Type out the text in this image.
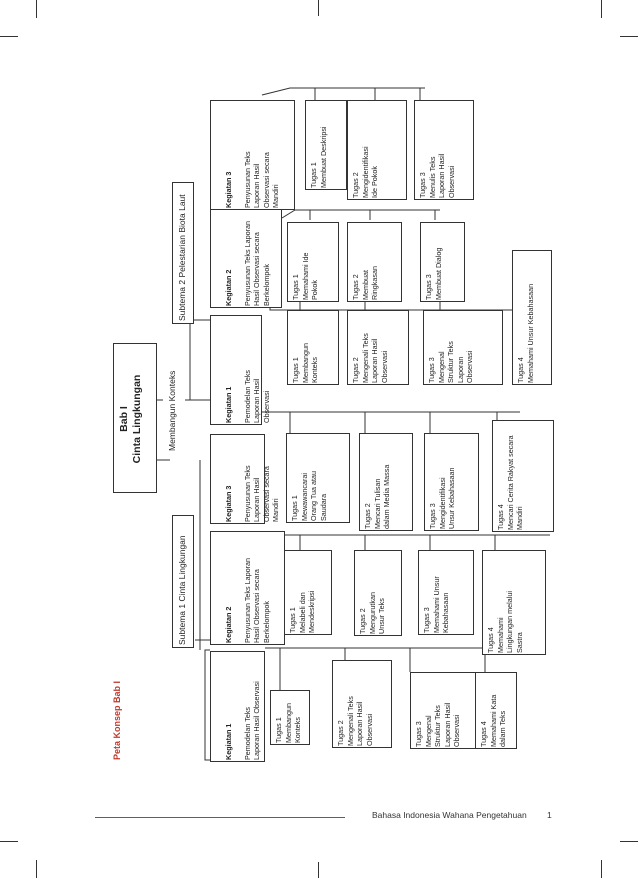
Peta Konsep Bab I
Bab I
Cinta Lingkungan
Subtema 1 Cinta Lingkungan
Membangun Konteks
Subtema 2 Pelestarian Biota Laut

Kegiatan 1 Pemodelan Teks
Laporan Hasil Observasi

Kegiatan 2 Penyusunan Teks Laporan
Hasil Observasi secara
Berkelompok

Kegiatan 3 Penyusunan Teks
Laporan Hasil
Observasi secara
Mandiri

Tugas 1
Membangun
Konteks	Tugas 2
Mengenali Teks
Laporan Hasil
Observasi	Tugas 3
Mengenal
Struktur Teks
Laporan Hasil
Observasi	Tugas 4
Memahami Kata
dalam Teks
Tugas 1
Melabeli dan
Mendeskripsi	Tugas 2
Mengurutkan
Unsur Teks
Tugas 3
Memahami Unsur
Kebahasaan
Tugas 4
Memahami
Lingkungan melalui
Sastra
Tugas 1
Mewawancarai
Orang Tua atau
Saudara	Tugas 2
Mencari Tulisan
dalam Media Massa
Tugas 3
Mengidentifikasi
Unsur Kebahasaan
Tugas 4
Mencari Cerita Rakyat secara
Mandiri

Kegiatan 1 Pemodelan Teks
Laporan Hasil
Observasi

Kegiatan 2 Penyusunan Teks Laporan
Hasil Observasi secara
Berkelompok

Kegiatan 3 Penyusunan Teks
Laporan Hasil
Observasi secara
Mandiri

Tugas 1
Membangun
Konteks	Tugas 2
Mengenali Teks
Laporan Hasil
Observasi	Tugas 3
Mengenal
Struktur Teks
Laporan
Observasi	Tugas 4
Memahami Unsur Kebahasaan
Tugas 1
Memahami Ide
Pokok	Tugas 2
Membuat
Ringkasan	Tugas 3
Membuat Dialog
Tugas 1
Membuat Deskripsi
Tugas 2
Mengidentifikasi
Ide Pokok
Tugas 3
Menulis Teks
Laporan Hasil
Observasi
Bahasa Indonesia Wahana Pengetahuan 1
